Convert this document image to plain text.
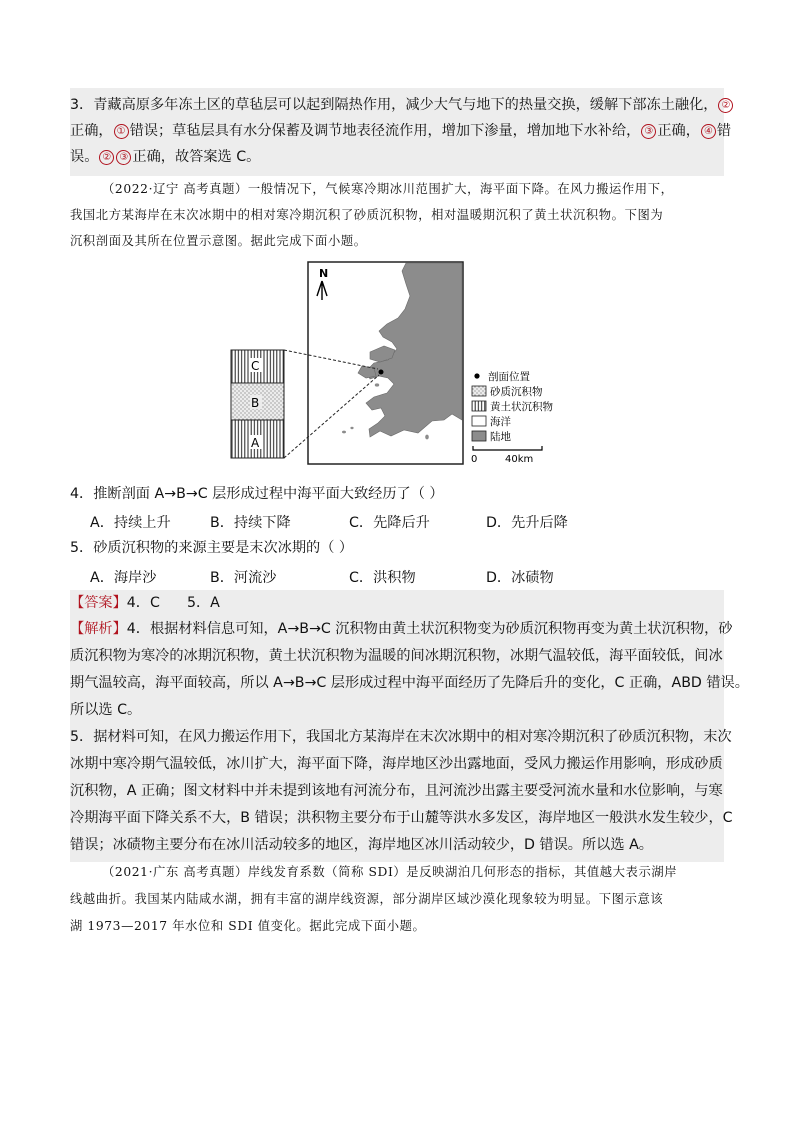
3．青藏高原多年冻土区的草毡层可以起到隔热作用，减少大气与地下的热量交换，缓解下部冻土融化， ②
正确， ① 错误；草毡层具有水分保蓄及调节地表径流作用，增加下渗量，增加地下水补给， ③ 正确， ④ 错
误。 ② ③ 正确，故答案选 C。
（2022·辽宁 高考真题）一般情况下，气候寒冷期冰川范围扩大，海平面下降。在风力搬运作用下，
我国北方某海岸在末次冰期中的相对寒冷期沉积了砂质沉积物，相对温暖期沉积了黄土状沉积物。下图为
沉积剖面及其所在位置示意图。据此完成下面小题。
N
C
B
A
剖面位置
砂质沉积物
黄土状沉积物
海洋
陆地
0	40km
4．推断剖面 A→B→C 层形成过程中海平面大致经历了（ ）
A．持续上升	B．持续下降	C．先降后升	D．先升后降
5．砂质沉积物的来源主要是末次冰期的（ ）
A．海岸沙	B．河流沙	C．洪积物	D．冰碛物
【答案】4．C      5．A
【解析】4．根据材料信息可知，A→B→C 沉积物由黄土状沉积物变为砂质沉积物再变为黄土状沉积物，砂
质沉积物为寒冷的冰期沉积物，黄土状沉积物为温暖的间冰期沉积物，冰期气温较低，海平面较低，间冰
期气温较高，海平面较高，所以 A→B→C 层形成过程中海平面经历了先降后升的变化，C 正确，ABD 错误。
所以选 C。
5．据材料可知，在风力搬运作用下，我国北方某海岸在末次冰期中的相对寒冷期沉积了砂质沉积物，末次
冰期中寒冷期气温较低，冰川扩大，海平面下降，海岸地区沙出露地面，受风力搬运作用影响，形成砂质
沉积物，A 正确；图文材料中并未提到该地有河流分布，且河流沙出露主要受河流水量和水位影响，与寒
冷期海平面下降关系不大，B 错误；洪积物主要分布于山麓等洪水多发区，海岸地区一般洪水发生较少，C
错误；冰碛物主要分布在冰川活动较多的地区，海岸地区冰川活动较少，D 错误。所以选 A。
（2021·广东 高考真题）岸线发育系数（简称 SDI）是反映湖泊几何形态的指标，其值越大表示湖岸
线越曲折。我国某内陆咸水湖，拥有丰富的湖岸线资源，部分湖岸区域沙漠化现象较为明显。下图示意该
湖 1973—2017 年水位和 SDI 值变化。据此完成下面小题。
